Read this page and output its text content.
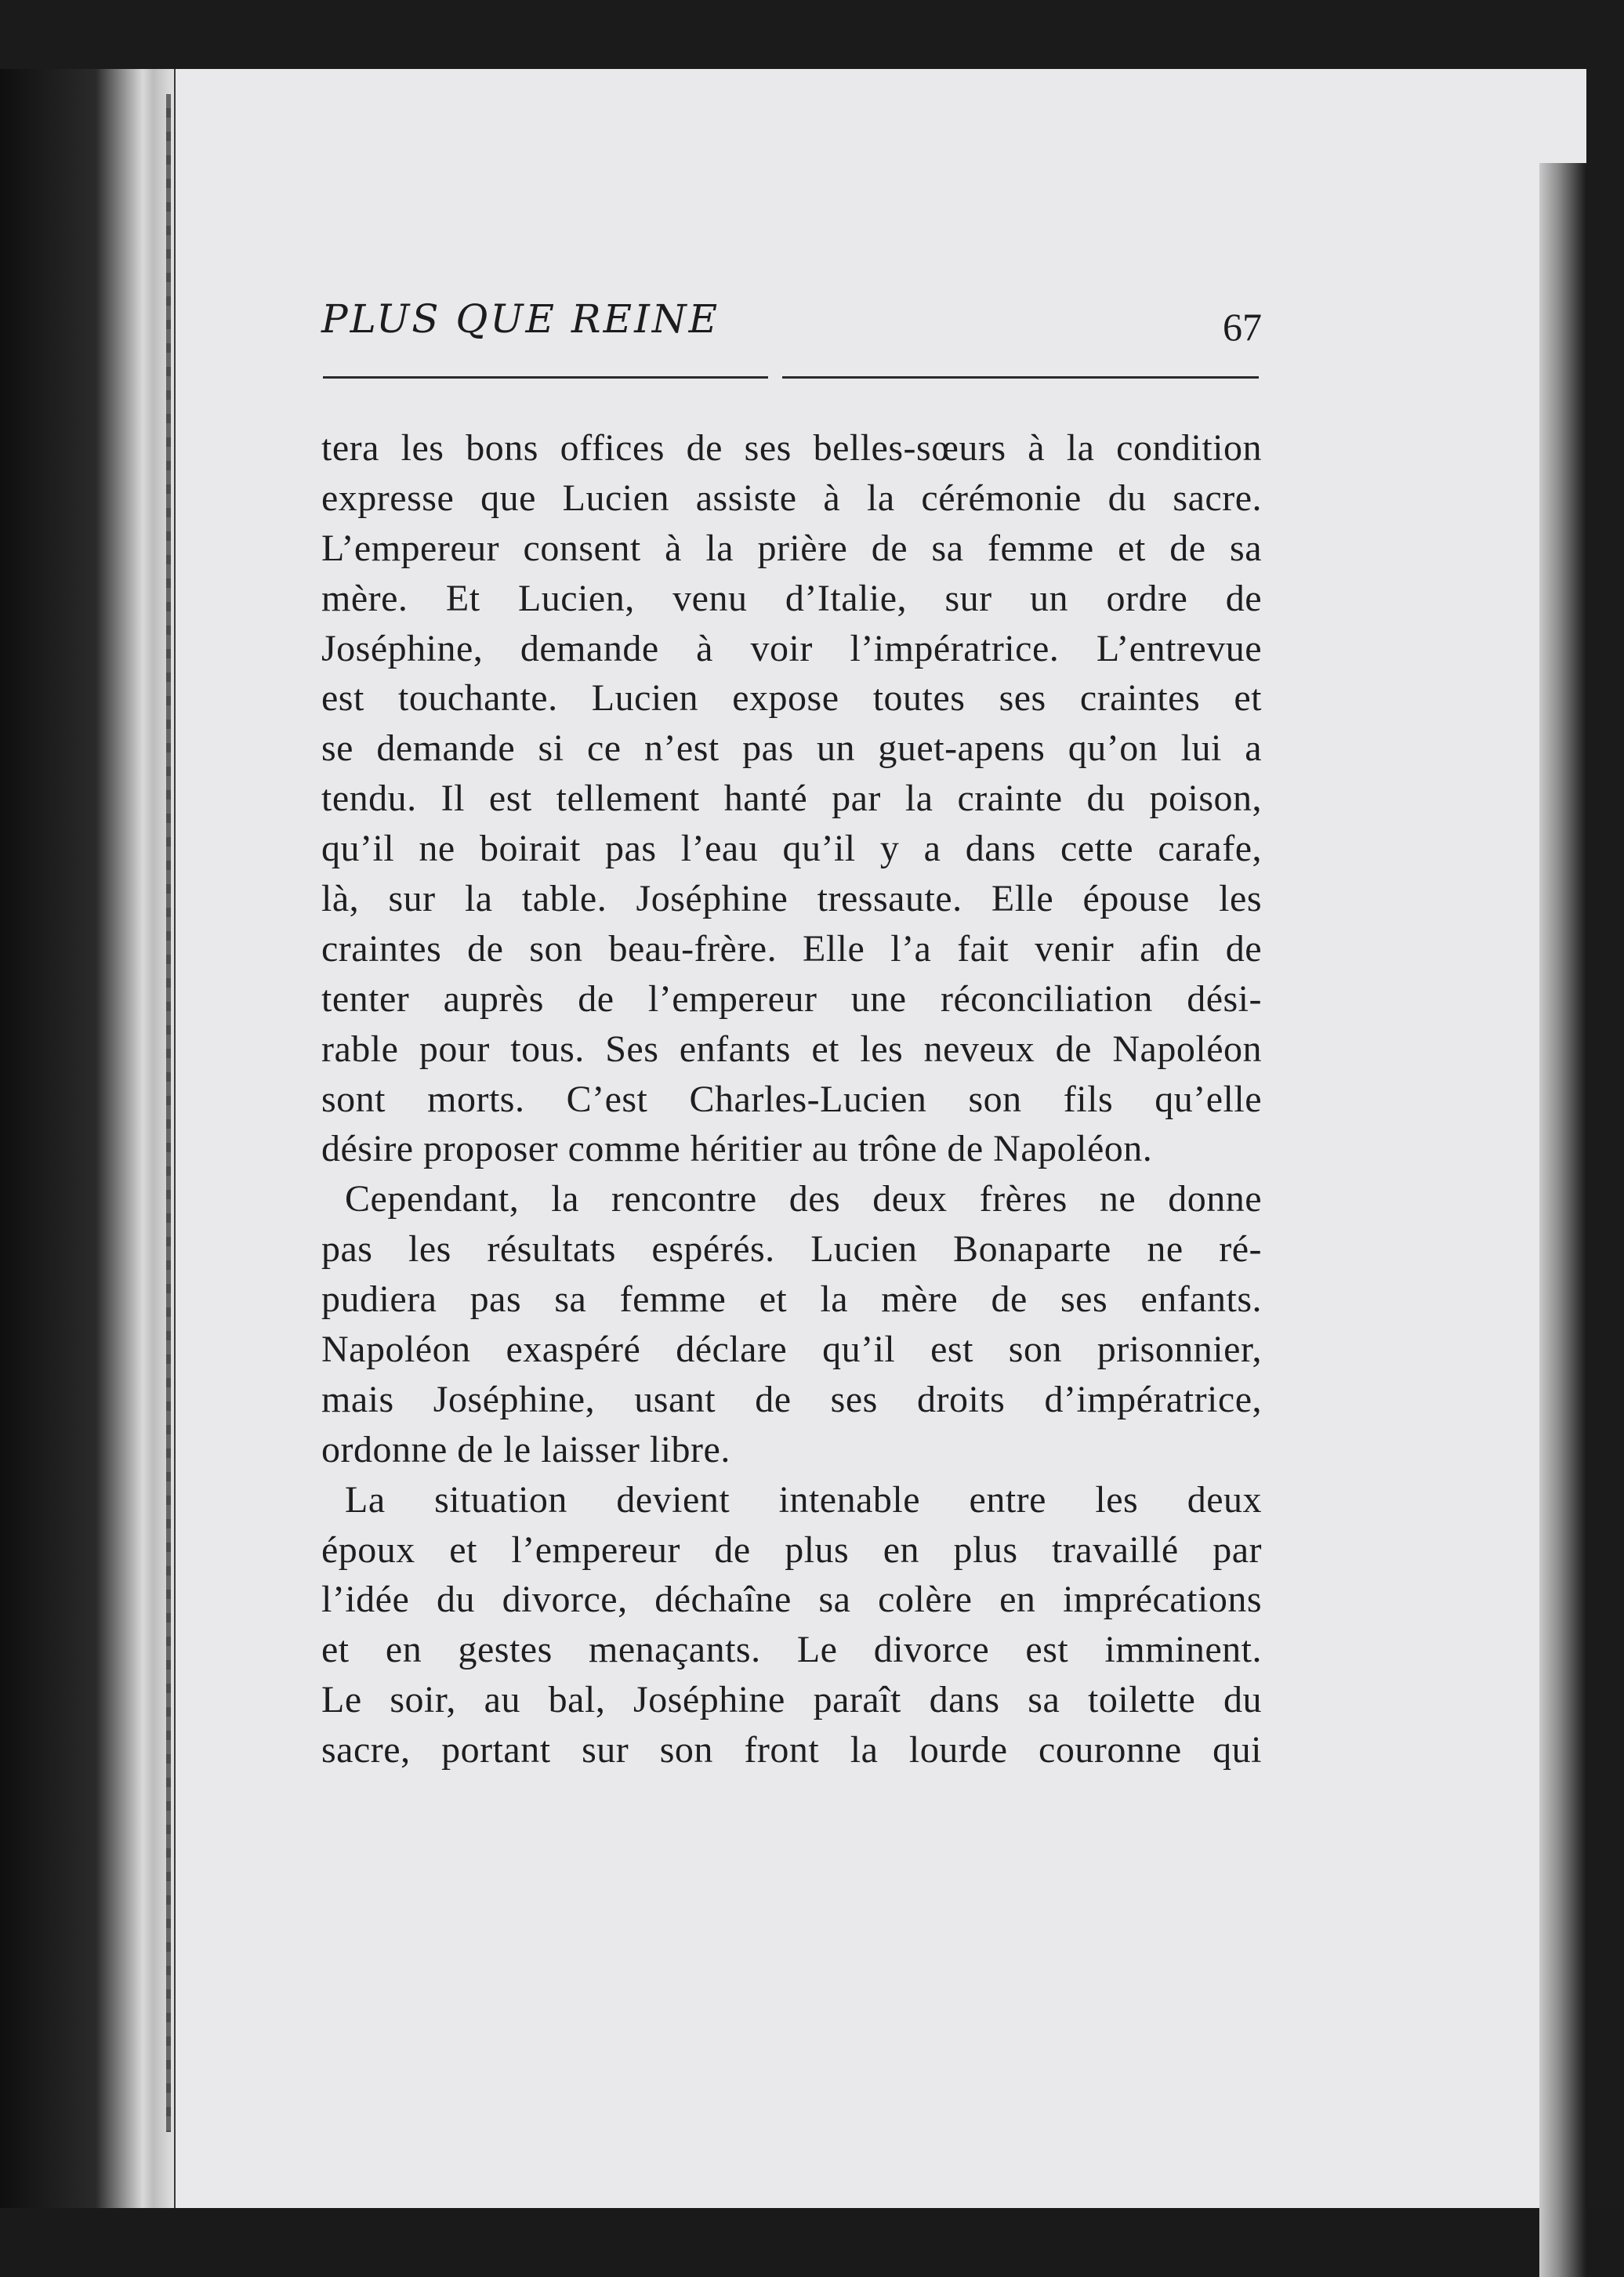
PLUS QUE REINE	67
tera les bons offices de ses belles-sœurs à la condition
expresse que Lucien assiste à la cérémonie du sacre.
L’empereur consent à la prière de sa femme et de sa
mère. Et Lucien, venu d’Italie, sur un ordre de
Joséphine, demande à voir l’impératrice. L’entrevue
est touchante. Lucien expose toutes ses craintes et
se demande si ce n’est pas un guet-apens qu’on lui a
tendu. Il est tellement hanté par la crainte du poison,
qu’il ne boirait pas l’eau qu’il y a dans cette carafe,
là, sur la table. Joséphine tressaute. Elle épouse les
craintes de son beau-frère. Elle l’a fait venir afin de
tenter auprès de l’empereur une réconciliation dési-
rable pour tous. Ses enfants et les neveux de Napoléon
sont morts. C’est Charles-Lucien son fils qu’elle
désire proposer comme héritier au trône de Napoléon.
Cependant, la rencontre des deux frères ne donne
pas les résultats espérés. Lucien Bonaparte ne ré-
pudiera pas sa femme et la mère de ses enfants.
Napoléon exaspéré déclare qu’il est son prisonnier,
mais Joséphine, usant de ses droits d’impératrice,
ordonne de le laisser libre.
La situation devient intenable entre les deux
époux et l’empereur de plus en plus travaillé par
l’idée du divorce, déchaîne sa colère en imprécations
et en gestes menaçants. Le divorce est imminent.
Le soir, au bal, Joséphine paraît dans sa toilette du
sacre, portant sur son front la lourde couronne qui
